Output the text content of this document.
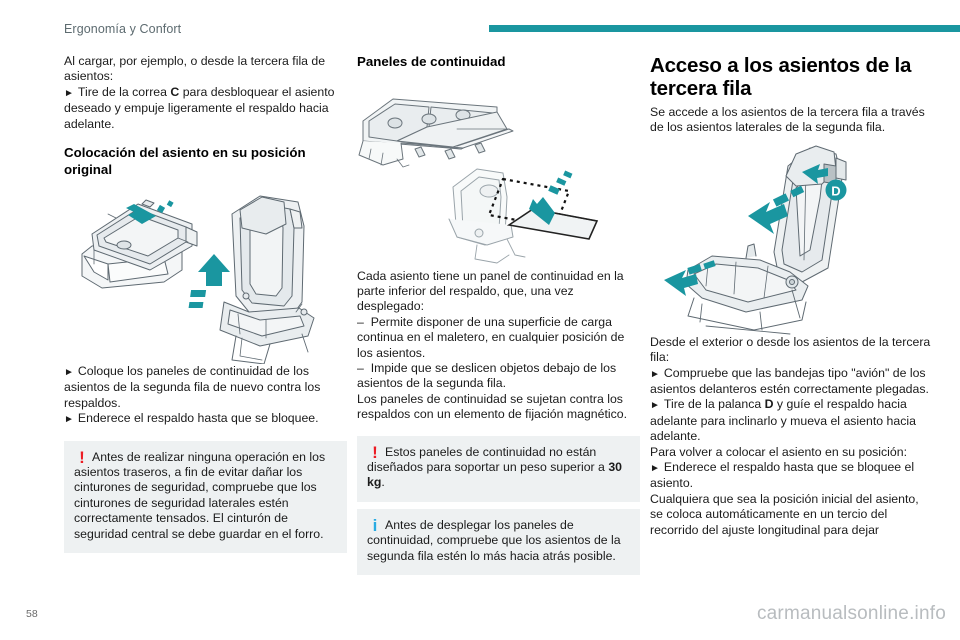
Ergonomía y Confort

Al cargar, por ejemplo, o desde la tercera fila de asientos:

► Tire de la correa C para desbloquear el asiento deseado y empuje ligeramente el respaldo hacia adelante.

Colocación del asiento en su posición original

► Coloque los paneles de continuidad de los asientos de la segunda fila de nuevo contra los respaldos.

► Enderece el respaldo hasta que se bloquee.

! Antes de realizar ninguna operación en los asientos traseros, a fin de evitar dañar los cinturones de seguridad, compruebe que los cinturones de seguridad laterales estén correctamente tensados. El cinturón de seguridad central se debe guardar en el forro.
Paneles de continuidad

Cada asiento tiene un panel de continuidad en la parte inferior del respaldo, que, una vez desplegado:

– Permite disponer de una superficie de carga continua en el maletero, en cualquier posición de los asientos.

– Impide que se deslicen objetos debajo de los asientos de la segunda fila.

Los paneles de continuidad se sujetan contra los respaldos con un elemento de fijación magnético.

! Estos paneles de continuidad no están diseñados para soportar un peso superior a 30 kg.
i Antes de desplegar los paneles de continuidad, compruebe que los asientos de la segunda fila estén lo más hacia atrás posible.
Acceso a los asientos de la tercera fila

Se accede a los asientos de la tercera fila a través de los asientos laterales de la segunda fila.

D

Desde el exterior o desde los asientos de la tercera fila:

► Compruebe que las bandejas tipo "avión" de los asientos delanteros estén correctamente plegadas.

► Tire de la palanca D y guíe el respaldo hacia adelante para inclinarlo y mueva el asiento hacia adelante.

Para volver a colocar el asiento en su posición:

► Enderece el respaldo hasta que se bloquee el asiento.

Cualquiera que sea la posición inicial del asiento, se coloca automáticamente en un tercio del recorrido del ajuste longitudinal para dejar

58	carmanualsonline.info
